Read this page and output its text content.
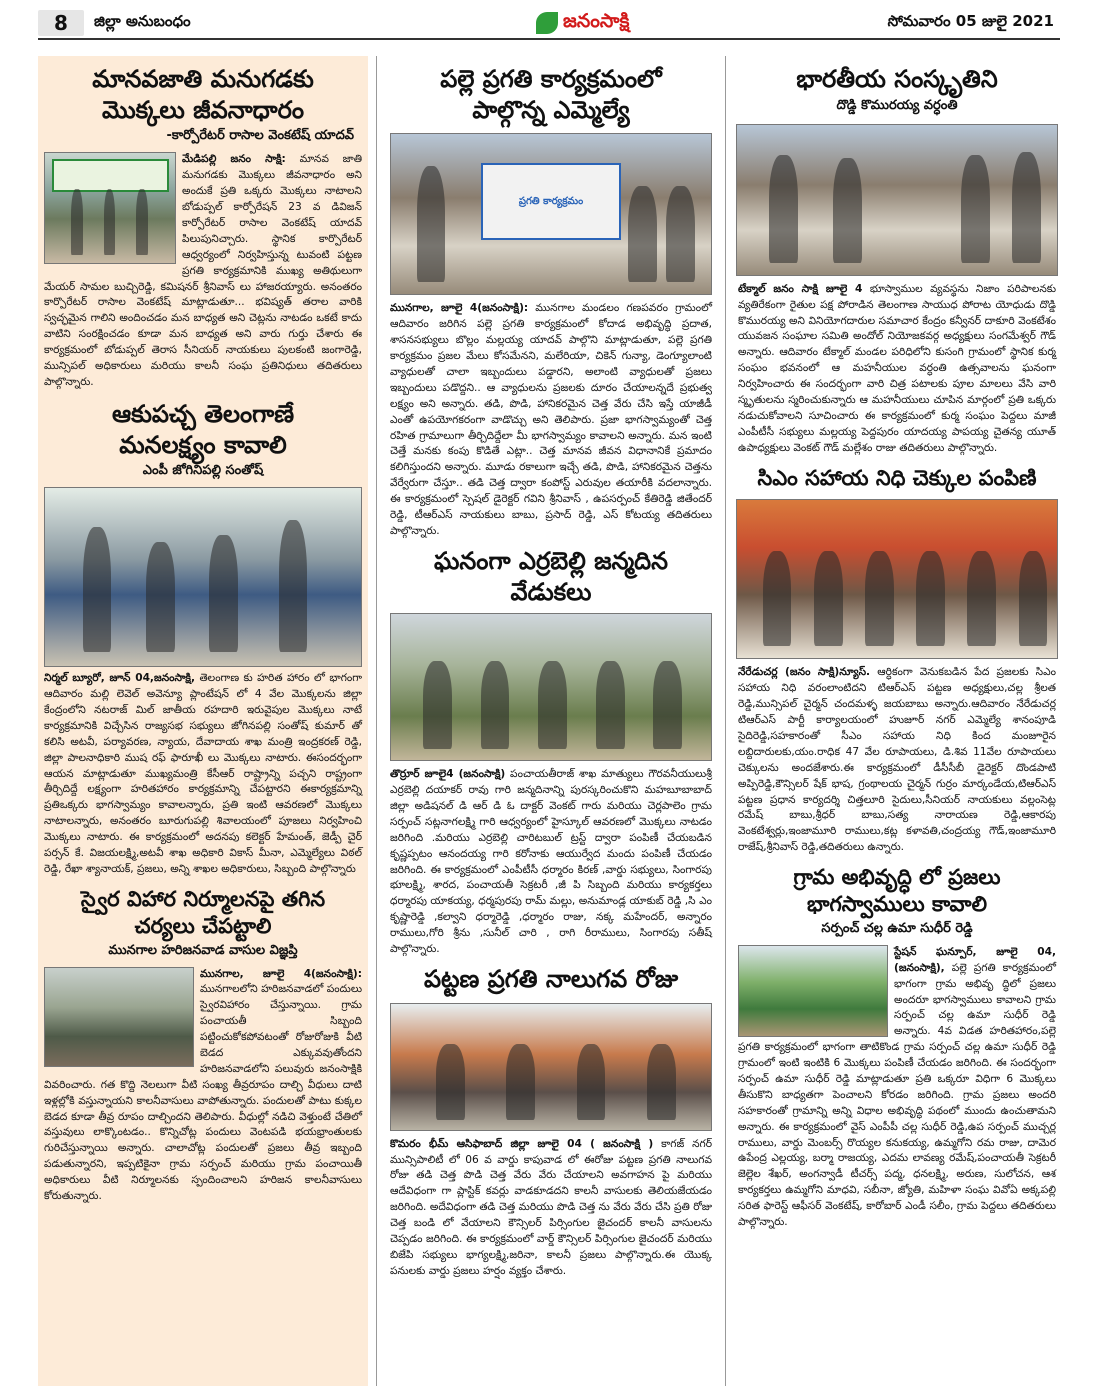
8	జిల్లా అనుబంధం	జనంసాక్షి	సోమవారం 05 జులై 2021
మానవజాతి మనుగడకు
మొక్కలు జీవనాధారం
-కార్పోరేటర్ రాసాల వెంకటేష్ యాదవ్
మేడిపల్లి జనం సాక్షి: మానవ జాతి మనుగడకు మొక్కలు జీవనాధారం అని అందుకే ప్రతి ఒక్కరు మొక్కలు నాటాలని బోడుప్పల్ కార్పోరేషన్ 23 వ డివిజన్ కార్పోరేటర్ రాసాల వెంకటేష్ యాదవ్ పిలుపునిచ్చారు. స్థానిక కార్పొరేటర్ ఆధ్వర్యంలో నిర్వహిస్తున్న టువంటి పట్టణ ప్రగతి కార్యక్రమానికి ముఖ్య అతిథులుగా మేయర్ సామల బుచ్చిరెడ్డి, కమిషనర్ శ్రీనివాస్ లు హాజరయ్యారు. అనంతరం కార్పొరేటర్ రాసాల వెంకటేష్ మాట్లాడుతూ... భవిష్యత్ తరాల వారికి స్వచ్ఛమైన గాలిని అందించడం మన బాధ్యత అని చెట్లను నాటడం ఒకటే కాదు వాటిని సంరక్షించడం కూడా మన బాధ్యత అని వారు గుర్తు చేశారు ఈ కార్యక్రమంలో బోడుప్పల్ తెరాస సీనియర్ నాయకులు పులకంటి జంగారెడ్డి, మున్సిపల్ అధికారులు మరియు కాలనీ సంఘ ప్రతినిధులు తదితరులు పాల్గొన్నారు.
ఆకుపచ్చ తెలంగాణే
మనలక్ష్యం కావాలి
ఎంపీ జోగినిపల్లి సంతోష్
నిర్మల్ బ్యూరో, జూన్ 04,జనంసాక్షి, తెలంగాణ కు హరిత హారం లో భాగంగా ఆదివారం మల్లి లెవెల్ అవెన్యూ ప్లాంటేషన్ లో 4 వేల మొక్కలను జిల్లా కేంద్రంలోని నటరాజ్ మిల్ జాతీయ రహదారి ఇరువైపుల మొక్కలు నాటే కార్యక్రమానికి విచ్చేసిన రాజ్యసభ సభ్యులు జోగినపల్లి సంతోష్ కుమార్ తో కలిసి అటవీ, పర్యావరణ, న్యాయ, దేవాదాయ శాఖ మంత్రి ఇంద్రకరణ్ రెడ్డి, జిల్లా పాలనాధికారి ముష రఫ్ ఫారూఖీ లు మొక్కలు నాటారు. ఈసందర్భంగా ఆయన మాట్లాడుతూ ముఖ్యమంత్రి కేసీఆర్ రాష్ట్రాన్ని పచ్చని రాష్ట్రంగా తీర్చిదిద్దే లక్ష్యంగా హరితహారం కార్యక్రమాన్ని చేపట్టారని ఈకార్యక్రమాన్ని ప్రతిఒక్కరు భాగస్వామ్యం కావాలన్నారు, ప్రతి ఇంటి ఆవరణలో మొక్కలు నాటాలన్నారు, అనంతరం బూరుగుపల్లి శివాలయంలో పూజలు నిర్వహించి మొక్కలు నాటారు. ఈ కార్యక్రమంలో అదనపు కలెక్టర్ హేమంత్, జెడ్పీ చైర్ పర్సన్ కే. విజయలక్ష్మి,అటవీ శాఖ అధికారి వికాస్ మీనా, ఎమ్మెల్యేలు విఠల్ రెడ్డి, రేఖా శ్యానాయక్, ప్రజలు, అన్ని శాఖల అధికారులు, సిబ్బంది పాల్గొన్నారు
స్వైర విహార నిర్మూలనపై తగిన
చర్యలు చేపట్టాలి
మునగాల హరిజనవాడ వాసుల విజ్ఞప్తి
మునగాల, జూలై 4(జనంసాక్షి): మునగాలలోని హరిజనవాడలో పందులు స్వైరవిహారం చేస్తున్నాయి. గ్రామ పంచాయతీ సిబ్బంది పట్టించుకోకపోవటంతో రోజురోజుకి వీటి బెడద ఎక్కువవుతోందని హరిజనవాడలోని పలువురు జనంసాక్షికి వివరించారు. గత కొద్ది నెలలుగా వీటి సంఖ్య తీవ్రరూపం దాల్చి వీధులు దాటి ఇళ్లల్లోకి వస్తున్నాయని కాలనీవాసులు వాపోతున్నారు. పందులతో పాటు కుక్కల బెడద కూడా తీవ్ర రూపం దాల్చిందని తెలిపారు. వీధుల్లో నడిచి వెళ్తుంటే చేతిలో వస్తువులు లాక్కొంటడం.. కొన్నిచోట్ల పందులు వెంటపడి భయభ్రాంతులకు గురిచేస్తున్నాయి అన్నారు. చాలాచోట్ల పందులతో ప్రజలు తీవ్ర ఇబ్బంది పడుతున్నారని, ఇప్పటికైనా గ్రామ సర్పంచ్ మరియు గ్రామ పంచాయితీ అధికారులు వీటి నిర్మూలనకు స్పందించాలని హరిజన కాలనీవాసులు కోరుతున్నారు.
పల్లె ప్రగతి కార్యక్రమంలో
పాల్గొన్న ఎమ్మెల్యే
ప్రగతి కార్యక్రమం
మునగాల, జూలై 4(జనంసాక్షి): మునగాల మండలం గణపవరం గ్రామంలో ఆదివారం జరిగిన పల్లె ప్రగతి కార్యక్రమంలో కోదాడ అభివృద్ధి ప్రదాత, శాసనసభ్యులు బొల్లం మల్లయ్య యాదవ్ పాల్గొని మాట్లాడుతూ, పల్లె ప్రగతి కార్యక్రమం ప్రజల మేలు కోసమేనని, మలేరియా, చికెన్ గున్యా, డెంగ్యూలాంటి వ్యాధులతో చాలా ఇబ్బందులు పడ్డారని, అలాంటి వ్యాధులతో ప్రజలు ఇబ్బందులు పడొద్దని.. ఆ వ్యాధులను ప్రజలకు దూరం చేయాలన్నదే ప్రభుత్వ లక్ష్యం అని అన్నారు. తడి, పొడి, హానికరమైన చెత్త వేరు చేసి ఇస్తే యాజీడీ ఎంతో ఉపయోగకరంగా వాడొచ్చు అని తెలిపారు. ప్రజా భాగస్వామ్యంతో చెత్త రహిత గ్రామాలుగా తీర్చిదిద్దేలా మీ భాగస్వామ్యం కావాలని అన్నారు. మన ఇంటి చెత్తే మనకు కంపు కొడితే ఎట్లా.. చెత్త మానవ జీవన విధానానికే ప్రమాదం కలిగిస్తుందని అన్నారు. మూడు రకాలుగా ఇచ్చే తడి, పొడి, హానికరమైన చెత్తను వేర్వేరుగా చేస్తూ.. తడి చెత్త ద్వారా కంపోస్ట్ ఎరువుల తయారీకి వదలాన్నారు. ఈ కార్యక్రమంలో స్పెషల్ డైరెక్టర్ గవిని శ్రీనివాస్ , ఉపసర్పంచ్ కేతిరెడ్డి జితేందర్ రెడ్డి, టీఆర్ఎస్ నాయకులు బాబు, ప్రసాద్ రెడ్డి, ఎస్ కోటయ్య తదితరులు పాల్గొన్నారు.
ఘనంగా ఎర్రబెల్లి జన్మదిన
వేడుకలు
తొర్రూర్ జూలై4 (జనంసాక్షి) పంచాయతీరాజ్ శాఖ మాత్యులు గౌరవనీయులుశ్రీ ఎర్రబెల్లి దయాకర్ రావు గారి జన్మదినాన్ని పురస్కరించుకొని మహబూబాబాద్ జిల్లా అడిషనల్ డి ఆర్ డి ఓ దాక్టర్ వెంకట్ గారు మరియు చెర్లపాలెం గ్రామ సర్పంచ్ సట్లనాగలక్ష్మి గారి ఆధ్వర్యంలో హైస్కూల్ ఆవరణలో మొక్కలు నాటడం జరిగింది .మరియు ఎర్రబెల్లి చారిటబుల్ ట్రస్ట్ ద్వారా పంపిణీ చేయబడిన కృష్ణప్పటం ఆనందయ్య గారి కరోనాకు ఆయుర్వేద మందు పంపిణీ చేయడం జరిగింది. ఈ కార్యక్రమంలో ఎంపీటీసీ ధర్మారం కిరణ్ ,వార్డు సభ్యులు, సింగారపు భూలక్ష్మి, శారద, పంచాయతీ సెక్రటరీ ,జీ పి సిబ్బంది మరియు కార్యకర్తలు ధర్మారపు యాకయ్య, ధర్మపురపు రామ్ మల్లు, అనుమాండ్ల యాకుబ్ రెడ్డి ,సి ఎం కృష్ణారెడ్డి ,కల్వాని ధర్మారెడ్డి ,ధర్మారం రాజు, నక్క మహేందర్, అన్నారం రాములు,గోరి శ్రీను ,సునీల్ చారి , రాగి రీరాములు, సింగారపు సతీష్ పాల్గొన్నారు.
పట్టణ ప్రగతి నాలుగవ రోజు
కొమరం భీమ్ ఆసిఫాబాద్ జిల్లా జూలై 04 ( జనంసాక్షి ) కాగజ్ నగర్ మున్సిపాలిటీ లో 06 వ వార్డు కాపువాడ లో ఈరోజు పట్టణ ప్రగతి నాలుగవ రోజు తడి చెత్త పొడి చెత్త వేరు వేరు చేయాలని అవగాహన పై మరియు ఆదేవిధంగా గా ప్లాస్టిక్ కవర్లు వాడకూడదని కాలనీ వాసులకు తెలియజేయడం జరిగింది. అదేవిధంగా తడి చెత్త మరియు పొడి చెత్త ను వేరు వేరు చేసి ప్రతి రోజు చెత్త బండి లో వేయాలని కౌన్సిలర్ పిర్సింగుల జైచందర్ కాలనీ వాసులను చెప్పడం జరిగింది. ఈ కార్యక్రమంలో వార్డ్ కౌన్సిలర్ పిర్సింగుల జైచందర్ మరియు బిజేపి సభ్యులు భాగ్యలక్ష్మి,జరినా, కాలనీ ప్రజలు పాల్గొన్నారు.ఈ యొక్క పనులకు వార్డు ప్రజలు హర్షం వ్యక్తం చేశారు.
భారతీయ సంస్కృతిని
దొడ్డి కొమురయ్య వర్ధంతి
టేక్మాల్ జనం సాక్షి జూలై 4 భూస్వాముల వ్యవస్థను నిజాం పరిపాలనకు వ్యతిరేకంగా రైతుల పక్ష పోరాడిన తెలంగాణ సాయుధ పోరాట యోధుడు దొడ్డి కొమురయ్య అని వినియోగదారుల సమాచార కేంద్రం కన్వీనర్ దాకూరి వెంకటేశం యువజన సంఘాల సమితి అందోల్ నియోజకవర్గ అధ్యక్షులు సంగమేశ్వర్ గౌడ్ అన్నారు. ఆదివారం టేక్మాల్ మండల పరిధిలోని కుసంగి గ్రామంలో స్థానిక కుర్మ సంఘం భవనంలో ఆ మహనీయుల వర్ధంతి ఉత్సవాలను ఘనంగా నిర్వహించారు ఈ సందర్భంగా వారి చిత్ర పటాలకు పూల మాలలు వేసి వారి స్మృతులను స్మరించుకున్నారు ఆ మహనీయులు చూపిన మార్గంలో ప్రతి ఒక్కరు నడుచుకోవాలని సూచించారు ఈ కార్యక్రమంలో కుర్మ సంఘం పెద్దలు మాజీ ఎంపీటీసీ సభ్యులు మల్లయ్య పెద్దపురం యాదయ్య పాపయ్య చైతన్య యూత్ ఉపాధ్యక్షులు వెంకట్ గౌడ్ మల్లేశం రాజు తదితరులు పాల్గొన్నారు.
సిఎం సహాయ నిధి చెక్కుల పంపిణి
నేరేడుచర్ల (జనం సాక్షి)న్యూస్. ఆర్ధికంగా వెనుకబడిన పేద ప్రజలకు సిఎం సహాయ నిధి వరంలాంటిదని టిఆర్ఎస్ పట్టణ అధ్యక్షులు,చల్ల శ్రీలత రెడ్డి,మున్సిపల్ చైర్మన్ చందమళ్ళ జయబాబు అన్నారు.ఆదివారం నేరేడుచర్ల టిఆర్ఎస్ పార్టీ కార్యాలయంలో హుజూర్ నగర్ ఎమ్మెల్యే శానంపూడి సైదిరెడ్డి,సహకారంతో సీఎం సహాయ నిధి కింద మంజూరైన లబ్దిదారులకు,యం.రాధిక 47 వేల రూపాయలు, డి.శివ 11వేల రూపాయలు చెక్కులను అందజేశారు.ఈ కార్యక్రమంలో డీసీసీబీ డైరెక్టర్ దొండపాటి అప్పిరెడ్డి,కౌన్సిలర్ షేక్ భాష, గ్రంథాలయ చైర్మన్ గుర్రం మార్కండేయ,టిఆర్ఎస్ పట్టణ ప్రధాన కార్యదర్శి చిత్తలూరి సైదులు,సీనియర్ నాయకులు వల్లంసెట్ల రమేష్ బాబు,శ్రీధర్ బాబు,సత్య నారాయణ రెడ్డి,ఆకారపు వెంకటేశ్వర్లు,ఇంజామూరి రాములు,కట్ల కళావతి,చంద్రయ్య గౌడ్,ఇంజామూరి రాజేష్,శ్రీనివాస్ రెడ్డి,తదితరులు ఉన్నారు.
గ్రామ అభివృద్ధి లో ప్రజలు
భాగస్వాములు కావాలి
సర్పంచ్ చల్ల ఉమా సుధీర్ రెడ్డి
స్టేషన్ ఘన్పూర్, జూలై 04, (జనంసాక్షి), పల్లె ప్రగతి కార్యక్రమంలో భాగంగా గ్రామ అభివృ ద్ధిలో ప్రజలు అందరూ భాగస్వాములు కావాలని గ్రామ సర్పంచ్ చల్ల ఉమా సుధీర్ రెడ్డి అన్నారు. 4వ విడత హరితహారం,పల్లె ప్రగతి కార్యక్రమంలో భాగంగా తాటికొండ గ్రామ సర్పంచ్ చల్ల ఉమా సుధీర్ రెడ్డి గ్రామంలో ఇంటి ఇంటికి 6 మొక్కలు పంపిణీ చేయడం జరిగింది. ఈ సందర్భంగా సర్పంచ్ ఉమా సుధీర్ రెడ్డి మాట్లాడుతూ ప్రతి ఒక్కరూ విధిగా 6 మొక్కలు తీసుకొని బాధ్యతగా పెంచాలని కోరడం జరిగింది. గ్రామ ప్రజలు అందరి సహకారంతో గ్రామాన్ని అన్ని విధాల అభివృద్ధి పథంలో ముందు ఉంచుతామని అన్నారు. ఈ కార్యక్రమంలో వైస్ ఎంపీపీ చల్ల సుధీర్ రెడ్డి,ఉప సర్పంచ్ ముచ్చర్ల రాములు, వార్డు మెంబర్స్ రొయ్యల కనుకయ్య, ఉమ్మగోని రమ రాజు, దామెర ఉపేంద్ర ఎల్లయ్య, బర్మా రాజయ్య, ఎదమ లావణ్య రమేష్,పంచాయతీ సెక్రటరీ జెల్లెల శేఖర్, అంగన్వాడీ టీచర్స్ పద్మ, ధనలక్ష్మి, అరుణ, సులోచన, ఆశ కార్యకర్తలు ఉమ్మగోని మాధవి, సబీనా, జ్యోతి, మహిళా సంఘ వివోఏ అక్కపల్లి సరిత ఫారెస్ట్ ఆఫీసర్ వెంకటేష్, కారోబార్ ఎండీ సలీం, గ్రామ పెద్దలు తదితరులు పాల్గొన్నారు.
